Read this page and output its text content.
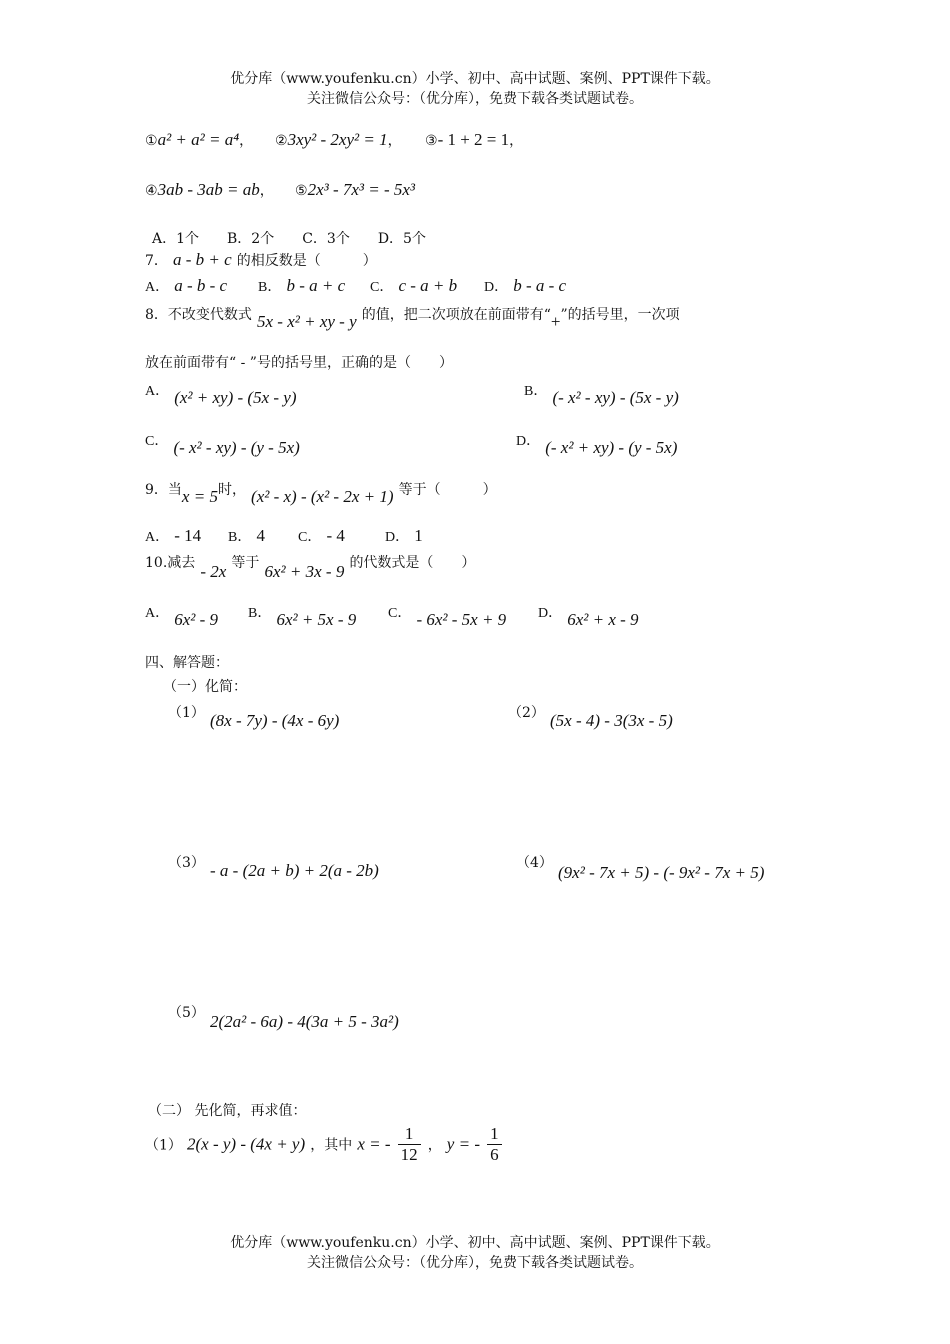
优分库（www.youfenku.cn）小学、初中、高中试题、案例、PPT课件下载。
关注微信公众号：（优分库），免费下载各类试题试卷。
①a² + a² = a⁴， ②3xy² - 2xy² = 1， ③- 1 + 2 = 1，
④3ab - 3ab = ab， ⑤2x³ - 7x³ = - 5x³
A．1个　　B．2个　　C．3个　　D．5个
7． a - b + c 的相反数是（　　　）
A． a - b - c B． b - a + c C． c - a + b D． b - a - c
8．不改变代数式 5x - x² + xy - y 的值，把二次项放在前面带有“+”的括号里，一次项
放在前面带有“ - ”号的括号里，正确的是（　　）
A． (x² + xy) - (5x - y)	B． (- x² - xy) - (5x - y)
C． (- x² - xy) - (y - 5x)	D． (- x² + xy) - (y - 5x)
9．当x = 5时， (x² - x) - (x² - 2x + 1) 等于（　　　）
A． - 14 B． 4 C． - 4	D． 1
10.减去 - 2x 等于 6x² + 3x - 9 的代数式是（　　）
A． 6x² - 9 B． 6x² + 5x - 9 C． - 6x² - 5x + 9 D． 6x² + x - 9
四、解答题：
（一）化简：
（1） (8x - 7y) - (4x - 6y)	（2） (5x - 4) - 3(3x - 5)
（3） - a - (2a + b) + 2(a - 2b)	（4） (9x² - 7x + 5) - (- 9x² - 7x + 5)
（5） 2(2a² - 6a) - 4(3a + 5 - 3a²)
（二） 先化简，再求值：
（1） 2(x - y) - (4x + y) ，其中 x = - $\frac{1}{12}$ ， y = - $\frac{1}{6}$
优分库（www.youfenku.cn）小学、初中、高中试题、案例、PPT课件下载。
关注微信公众号：（优分库），免费下载各类试题试卷。
